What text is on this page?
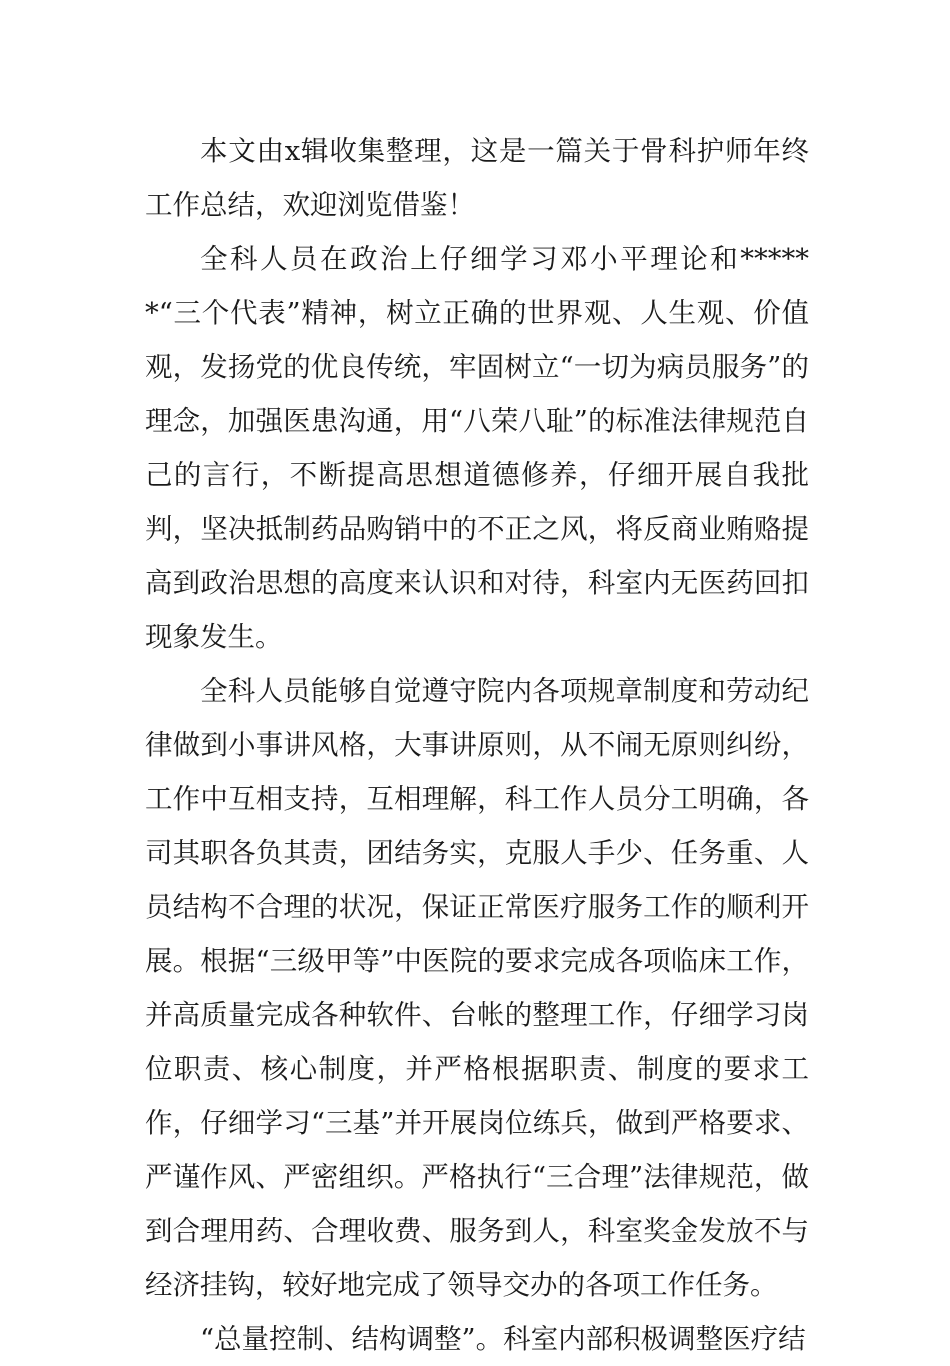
本文由x辑收集整理，这是一篇关于骨科护师年终工作总结，欢迎浏览借鉴！

全科人员在政治上仔细学习邓小平理论和******“三个代表”精神，树立正确的世界观、人生观、价值观，发扬党的优良传统，牢固树立“一切为病员服务”的理念，加强医患沟通，用“八荣八耻”的标准法律规范自己的言行，不断提高思想道德修养，仔细开展自我批判，坚决抵制药品购销中的不正之风，将反商业贿赂提高到政治思想的高度来认识和对待，科室内无医药回扣现象发生。

全科人员能够自觉遵守院内各项规章制度和劳动纪律做到小事讲风格，大事讲原则，从不闹无原则纠纷，工作中互相支持，互相理解，科工作人员分工明确，各司其职各负其责，团结务实，克服人手少、任务重、人员结构不合理的状况，保证正常医疗服务工作的顺利开展。根据“三级甲等”中医院的要求完成各项临床工作，并高质量完成各种软件、台帐的整理工作，仔细学习岗位职责、核心制度，并严格根据职责、制度的要求工作，仔细学习“三基”并开展岗位练兵，做到严格要求、严谨作风、严密组织。严格执行“三合理”法律规范，做到合理用药、合理收费、服务到人，科室奖金发放不与经济挂钩，较好地完成了领导交办的各项工作任务。

“总量控制、结构调整”。科室内部积极调整医疗结
